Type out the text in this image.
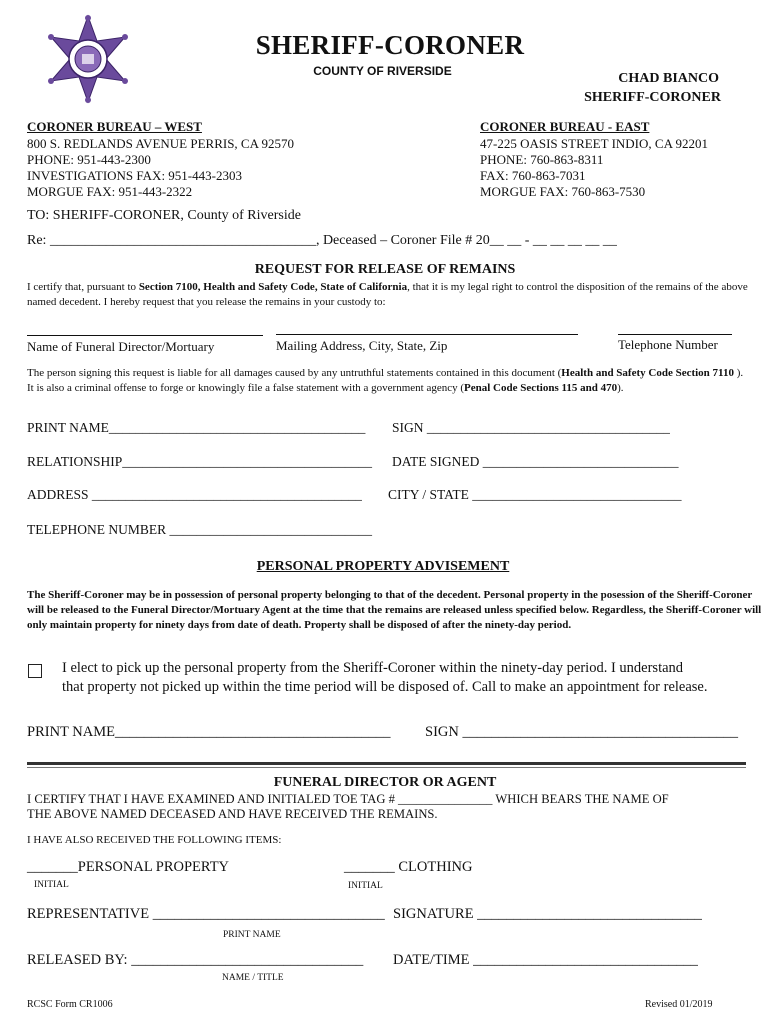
SHERIFF-CORONER
COUNTY OF RIVERSIDE	CHAD BIANCO
SHERIFF-CORONER
CORONER BUREAU – WEST
800 S. REDLANDS AVENUE PERRIS, CA 92570
PHONE: 951-443-2300
INVESTIGATIONS FAX: 951-443-2303
MORGUE FAX: 951-443-2322
CORONER BUREAU - EAST
47-225 OASIS STREET INDIO, CA 92201
PHONE: 760-863-8311
FAX: 760-863-7031
MORGUE FAX: 760-863-7530
TO: SHERIFF-CORONER, County of Riverside
Re: ______________________________________, Deceased – Coroner File # 20__ __ - __ __ __ __ __
REQUEST FOR RELEASE OF REMAINS
I certify that, pursuant to Section 7100, Health and Safety Code, State of California, that it is my legal right to control the disposition of the remains of the above named decedent. I hereby request that you release the remains in your custody to:
Name of Funeral Director/Mortuary	Mailing Address, City, State, Zip	Telephone Number
The person signing this request is liable for all damages caused by any untruthful statements contained in this document (Health and Safety Code Section 7110 ). It is also a criminal offense to forge or knowingly file a false statement with a government agency (Penal Code Sections 115 and 470).
PRINT NAME______________________________________ SIGN ____________________________________
RELATIONSHIP_____________________________________ DATE SIGNED _____________________________
ADDRESS ________________________________________ CITY / STATE _______________________________
TELEPHONE NUMBER ______________________________
PERSONAL PROPERTY ADVISEMENT
The Sheriff-Coroner may be in possession of personal property belonging to that of the decedent. Personal property in the posession of the Sheriff-Coroner will be released to the Funeral Director/Mortuary Agent at the time that the remains are released unless specified below. Regardless, the Sheriff-Coroner will only maintain property for ninety days from date of death. Property shall be disposed of after the ninety-day period.
I elect to pick up the personal property from the Sheriff-Coroner within the ninety-day period. I understand
that property not picked up within the time period will be disposed of. Call to make an appointment for release.
PRINT NAME______________________________________ SIGN ______________________________________
FUNERAL DIRECTOR OR AGENT
I CERTIFY THAT I HAVE EXAMINED AND INITIALED TOE TAG # _______________ WHICH BEARS THE NAME OF
THE ABOVE NAMED DECEASED AND HAVE RECEIVED THE REMAINS.
I HAVE ALSO RECEIVED THE FOLLOWING ITEMS:
_______PERSONAL PROPERTY	_______ CLOTHING
INITIAL	INITIAL
REPRESENTATIVE ________________________________ SIGNATURE _______________________________
PRINT NAME
RELEASED BY: ________________________________ DATE/TIME _______________________________
NAME / TITLE
RCSC Form CR1006	Revised 01/2019
